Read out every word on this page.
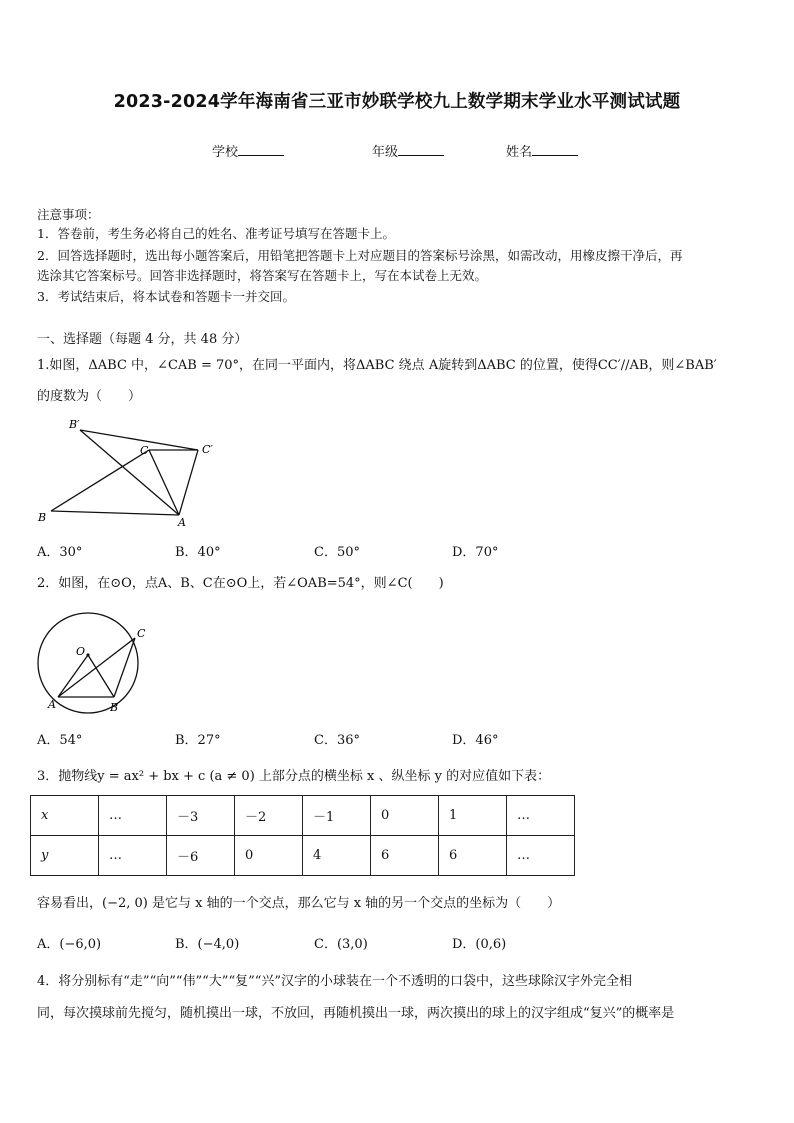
2023-2024学年海南省三亚市妙联学校九上数学期末学业水平测试试题
学校	年级	姓名
注意事项：
1．答卷前，考生务必将自己的姓名、准考证号填写在答题卡上。
2．回答选择题时，选出每小题答案后，用铅笔把答题卡上对应题目的答案标号涂黑，如需改动，用橡皮擦干净后，再
选涂其它答案标号。回答非选择题时，将答案写在答题卡上，写在本试卷上无效。
3．考试结束后，将本试卷和答题卡一并交回。
一、选择题（每题 4 分，共 48 分）
1.如图，ΔABC 中，∠CAB = 70°，在同一平面内，将ΔABC 绕点 A旋转到ΔABC 的位置，使得CC′//AB，则∠BAB′
的度数为（　　）
B′
C	C′
B	A
A．30°	B．40°	C．50°	D．70°
2．如图，在⊙O，点A、B、C在⊙O上，若∠OAB=54°，则∠C(　　)
O
C
A	B
A．54°	B．27°	C．36°	D．46°
3．抛物线y = ax² + bx + c (a ≠ 0) 上部分点的横坐标 x 、纵坐标 y 的对应值如下表：
x	…	－3	－2	－1	0	1	…
y	…	－6	0	4	6	6	…
容易看出，(−2, 0) 是它与 x 轴的一个交点，那么它与 x 轴的另一个交点的坐标为（　　）
A．(−6,0)	B．(−4,0)	C．(3,0)	D．(0,6)
4．将分别标有“走”“向”“伟”“大”“复”“兴”汉字的小球装在一个不透明的口袋中，这些球除汉字外完全相
同，每次摸球前先搅匀，随机摸出一球，不放回，再随机摸出一球，两次摸出的球上的汉字组成“复兴”的概率是
